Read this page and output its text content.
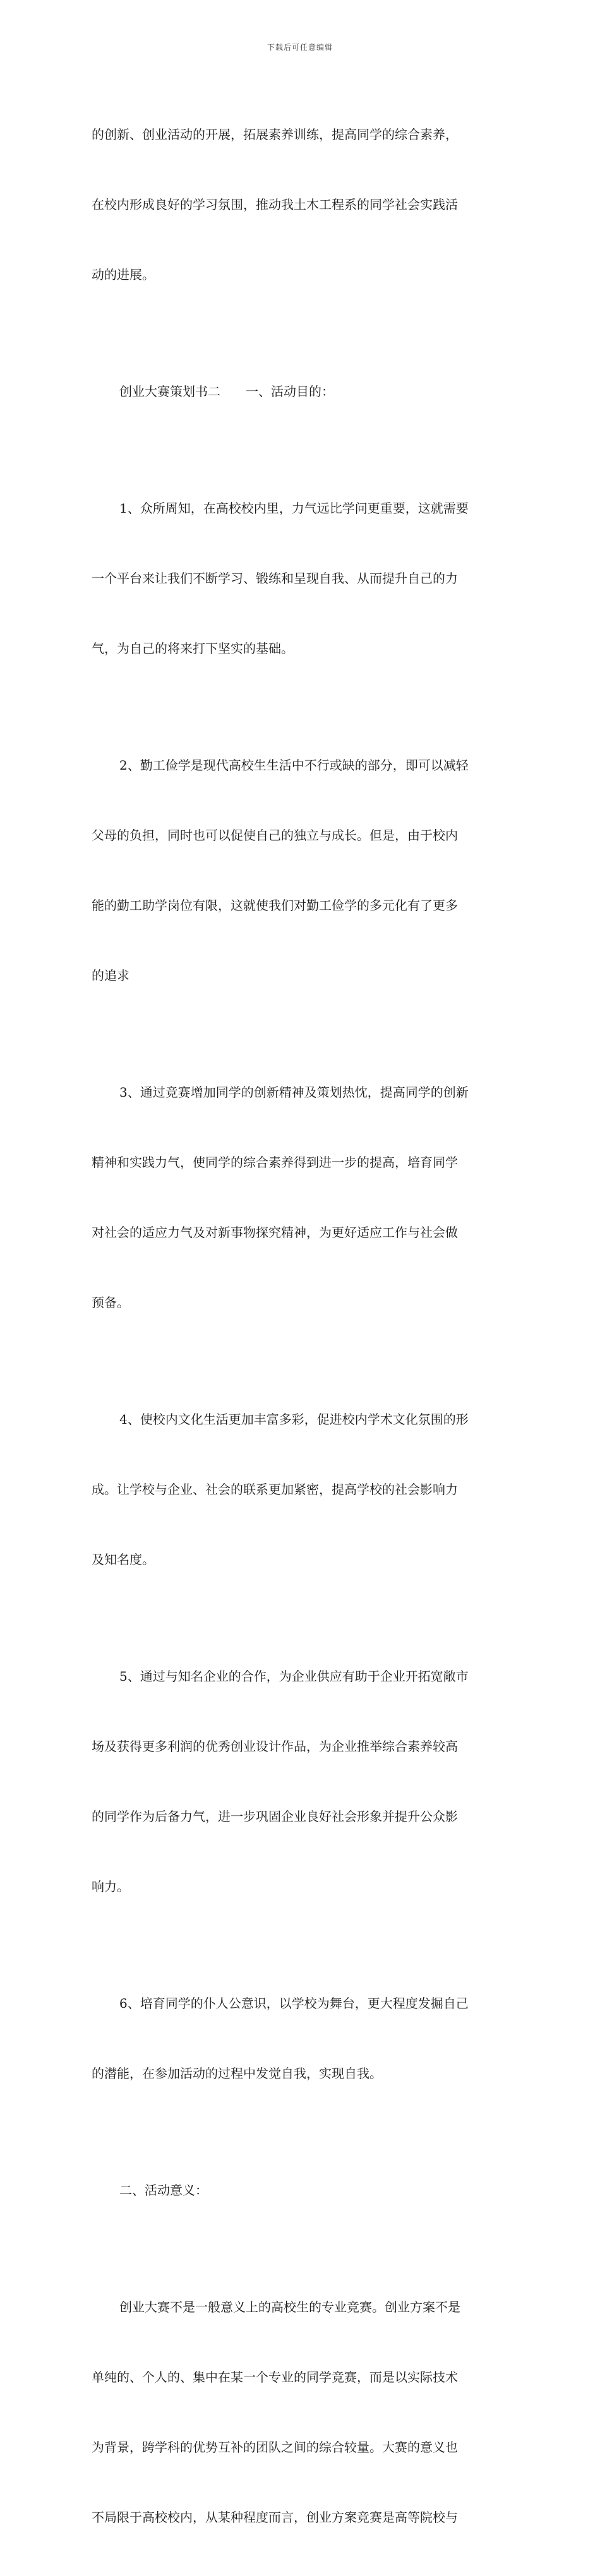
下载后可任意编辑

的创新、创业活动的开展，拓展素养训练，提高同学的综合素养，

在校内形成良好的学习氛围，推动我土木工程系的同学社会实践活

动的进展。

创业大赛策划书二　　一、活动目的：

1、众所周知，在高校校内里，力气远比学问更重要，这就需要

一个平台来让我们不断学习、锻练和呈现自我、从而提升自己的力

气，为自己的将来打下坚实的基础。

2、勤工俭学是现代高校生生活中不行或缺的部分，即可以减轻

父母的负担，同时也可以促使自己的独立与成长。但是，由于校内

能的勤工助学岗位有限，这就使我们对勤工俭学的多元化有了更多

的追求

3、通过竞赛增加同学的创新精神及策划热忱，提高同学的创新

精神和实践力气，使同学的综合素养得到进一步的提高，培育同学

对社会的适应力气及对新事物探究精神，为更好适应工作与社会做

预备。

4、使校内文化生活更加丰富多彩，促进校内学术文化氛围的形

成。让学校与企业、社会的联系更加紧密，提高学校的社会影响力

及知名度。

5、通过与知名企业的合作，为企业供应有助于企业开拓宽敞市

场及获得更多利润的优秀创业设计作品，为企业推举综合素养较高

的同学作为后备力气，进一步巩固企业良好社会形象并提升公众影

响力。

6、培育同学的仆人公意识，以学校为舞台，更大程度发掘自己

的潜能，在参加活动的过程中发觉自我，实现自我。

二、活动意义：

创业大赛不是一般意义上的高校生的专业竞赛。创业方案不是

单纯的、个人的、集中在某一个专业的同学竞赛，而是以实际技术

为背景，跨学科的优势互补的团队之间的综合较量。大赛的意义也

不局限于高校校内，从某种程度而言，创业方案竞赛是高等院校与
